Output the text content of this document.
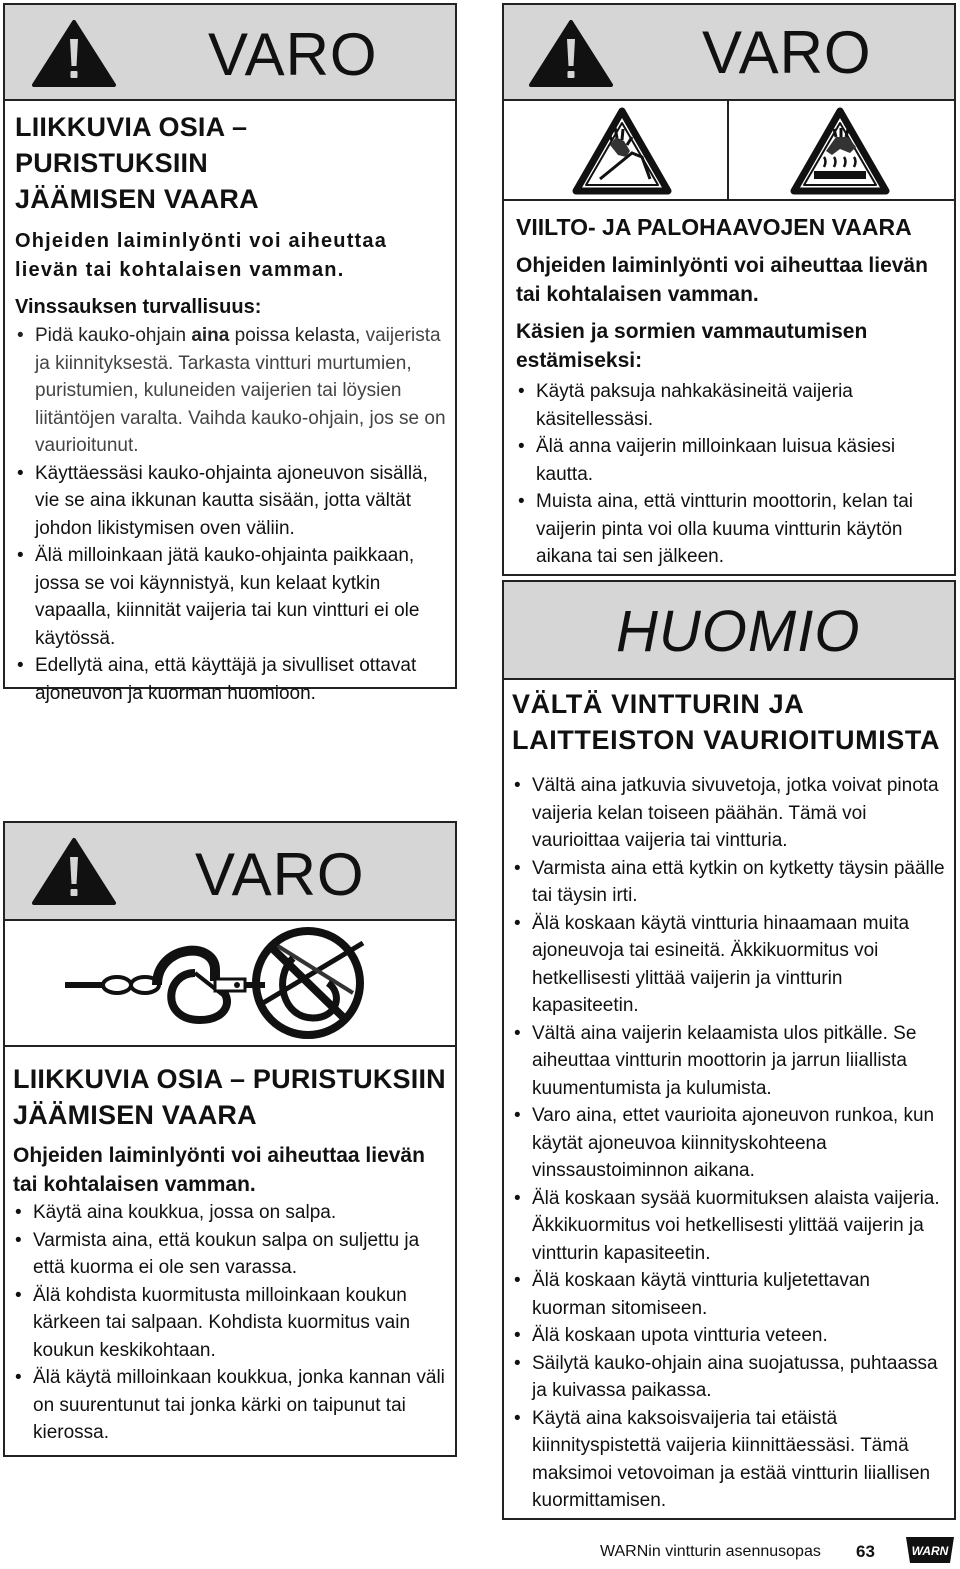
VARO
LIIKKUVIA OSIA – PURISTUKSIIN
JÄÄMISEN VAARA
Ohjeiden laiminlyönti voi aiheuttaa
lievän tai kohtalaisen vamman.
Vinssauksen turvallisuus:
• Pidä kauko-ohjain aina poissa kelasta, vaijerista ja kiinnityksestä. Tarkasta vintturi murtumien, puristumien, kuluneiden vaijerien tai löysien liitäntöjen varalta. Vaihda kauko-ohjain, jos se on vaurioitunut.
• Käyttäessäsi kauko-ohjainta ajoneuvon sisällä, vie se aina ikkunan kautta sisään, jotta vältät johdon likistymisen oven väliin.
• Älä milloinkaan jätä kauko-ohjainta paikkaan, jossa se voi käynnistyä, kun kelaat kytkin vapaalla, kiinnität vaijeria tai kun vintturi ei ole käytössä.
• Edellytä aina, että käyttäjä ja sivulliset ottavat ajoneuvon ja kuorman huomioon.
VARO
VIILTO- JA PALOHAAVOJEN VAARA
Ohjeiden laiminlyönti voi aiheuttaa lievän
tai kohtalaisen vamman.
Käsien ja sormien vammautumisen
estämiseksi:
• Käytä paksuja nahkakäsineitä vaijeria käsitellessäsi.
• Älä anna vaijerin milloinkaan luisua käsiesi kautta.
• Muista aina, että vintturin moottorin, kelan tai vaijerin pinta voi olla kuuma vintturin käytön aikana tai sen jälkeen.
HUOMIO
VÄLTÄ VINTTURIN JA
LAITTEISTON VAURIOITUMISTA
• Vältä aina jatkuvia sivuvetoja, jotka voivat pinota vaijeria kelan toiseen päähän. Tämä voi vaurioittaa vaijeria tai vintturia.
• Varmista aina että kytkin on kytketty täysin päälle tai täysin irti.
• Älä koskaan käytä vintturia hinaamaan muita ajoneuvoja tai esineitä. Äkkikuormitus voi hetkellisesti ylittää vaijerin ja vintturin kapasiteetin.
• Vältä aina vaijerin kelaamista ulos pitkälle. Se aiheuttaa vintturin moottorin ja jarrun liiallista kuumentumista ja kulumista.
• Varo aina, ettet vaurioita ajoneuvon runkoa, kun käytät ajoneuvoa kiinnityskohteena vinssaustoiminnon aikana.
• Älä koskaan sysää kuormituksen alaista vaijeria. Äkkikuormitus voi hetkellisesti ylittää vaijerin ja vintturin kapasiteetin.
• Älä koskaan käytä vintturia kuljetettavan kuorman sitomiseen.
• Älä koskaan upota vintturia veteen.
• Säilytä kauko-ohjain aina suojatussa, puhtaassa ja kuivassa paikassa.
• Käytä aina kaksoisvaijeria tai etäistä kiinnityspistettä vaijeria kiinnittäessäsi. Tämä maksimoi vetovoiman ja estää vintturin liiallisen kuormittamisen.
VARO
LIIKKUVIA OSIA – PURISTUKSIIN
JÄÄMISEN VAARA
Ohjeiden laiminlyönti voi aiheuttaa lievän
tai kohtalaisen vamman.
• Käytä aina koukkua, jossa on salpa.
• Varmista aina, että koukun salpa on suljettu ja että kuorma ei ole sen varassa.
• Älä kohdista kuormitusta milloinkaan koukun kärkeen tai salpaan. Kohdista kuormitus vain koukun keskikohtaan.
• Älä käytä milloinkaan koukkua, jonka kannan väli on suurentunut tai jonka kärki on taipunut tai kierossa.
WARNin vintturin asennusopas 63	WARN
